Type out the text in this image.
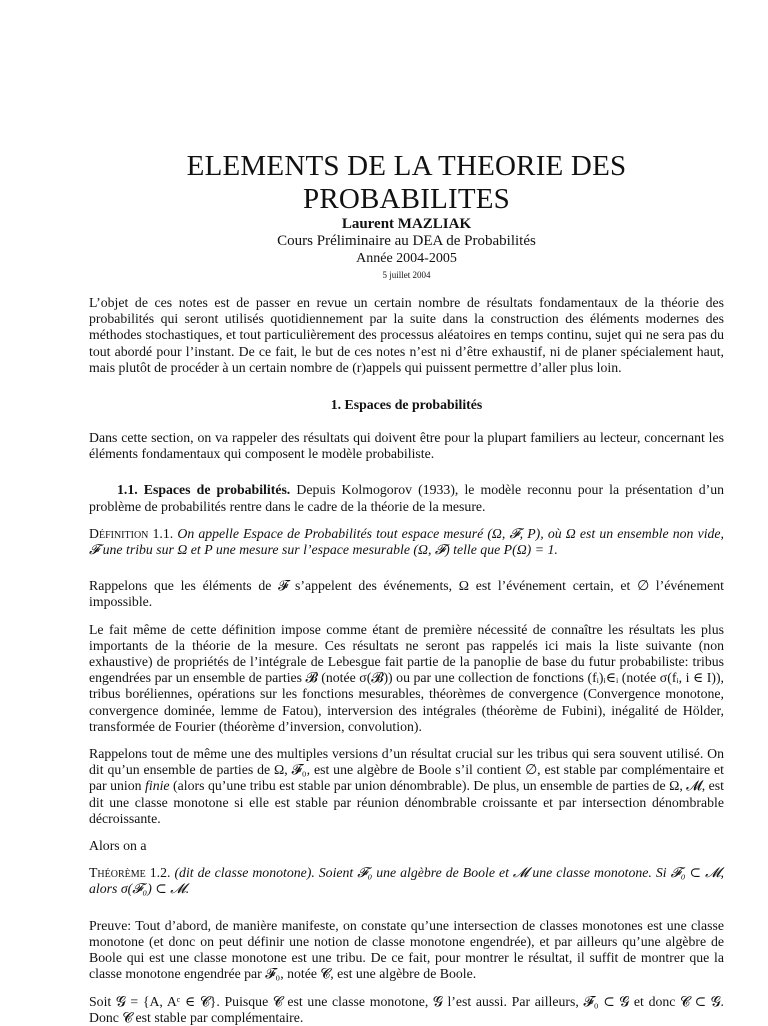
ELEMENTS DE LA THEORIE DES PROBABILITES
Laurent MAZLIAK
Cours Préliminaire au DEA de Probabilités
Année 2004-2005
5 juillet 2004

L’objet de ces notes est de passer en revue un certain nombre de résultats fondamentaux de la théorie des probabilités qui seront utilisés quotidiennement par la suite dans la construction des éléments modernes des méthodes stochastiques, et tout particulièrement des processus aléatoires en temps continu, sujet qui ne sera pas du tout abordé pour l’instant. De ce fait, le but de ces notes n’est ni d’être exhaustif, ni de planer spécialement haut, mais plutôt de procéder à un certain nombre de (r)appels qui puissent permettre d’aller plus loin.

1. Espaces de probabilités

Dans cette section, on va rappeler des résultats qui doivent être pour la plupart familiers au lecteur, concernant les éléments fondamentaux qui composent le modèle probabiliste.

1.1. Espaces de probabilités. Depuis Kolmogorov (1933), le modèle reconnu pour la présentation d’un problème de probabilités rentre dans le cadre de la théorie de la mesure.

Définition 1.1. On appelle Espace de Probabilités tout espace mesuré (Ω, 𝓕, P), où Ω est un ensemble non vide, 𝓕 une tribu sur Ω et P une mesure sur l’espace mesurable (Ω, 𝓕) telle que P(Ω) = 1.

Rappelons que les éléments de 𝓕 s’appelent des événements, Ω est l’événement certain, et ∅ l’événement impossible.

Le fait même de cette définition impose comme étant de première nécessité de connaître les résultats les plus importants de la théorie de la mesure. Ces résultats ne seront pas rappelés ici mais la liste suivante (non exhaustive) de propriétés de l’intégrale de Lebesgue fait partie de la panoplie de base du futur probabiliste: tribus engendrées par un ensemble de parties 𝓑 (notée σ(𝓑)) ou par une collection de fonctions (fᵢ)ᵢ∈ᵢ (notée σ(fᵢ, i ∈ I)), tribus boréliennes, opérations sur les fonctions mesurables, théorèmes de convergence (Convergence monotone, convergence dominée, lemme de Fatou), interversion des intégrales (théorème de Fubini), inégalité de Hölder, transformée de Fourier (théorème d’inversion, convolution).

Rappelons tout de même une des multiples versions d’un résultat crucial sur les tribus qui sera souvent utilisé. On dit qu’un ensemble de parties de Ω, 𝓕₀, est une algèbre de Boole s’il contient ∅, est stable par complémentaire et par union finie (alors qu’une tribu est stable par union dénombrable). De plus, un ensemble de parties de Ω, 𝓜, est dit une classe monotone si elle est stable par réunion dénombrable croissante et par intersection dénombrable décroissante.

Alors on a

Théorème 1.2. (dit de classe monotone). Soient 𝓕₀ une algèbre de Boole et 𝓜 une classe monotone. Si 𝓕₀ ⊂ 𝓜, alors σ(𝓕₀) ⊂ 𝓜.

Preuve: Tout d’abord, de manière manifeste, on constate qu’une intersection de classes monotones est une classe monotone (et donc on peut définir une notion de classe monotone engendrée), et par ailleurs qu’une algèbre de Boole qui est une classe monotone est une tribu. De ce fait, pour montrer le résultat, il suffit de montrer que la classe monotone engendrée par 𝓕₀, notée 𝓒, est une algèbre de Boole.

Soit 𝓖 = {A, Aᶜ ∈ 𝓒}. Puisque 𝓒 est une classe monotone, 𝓖 l’est aussi. Par ailleurs, 𝓕₀ ⊂ 𝓖 et donc 𝓒 ⊂ 𝓖. Donc 𝓒 est stable par complémentaire.
